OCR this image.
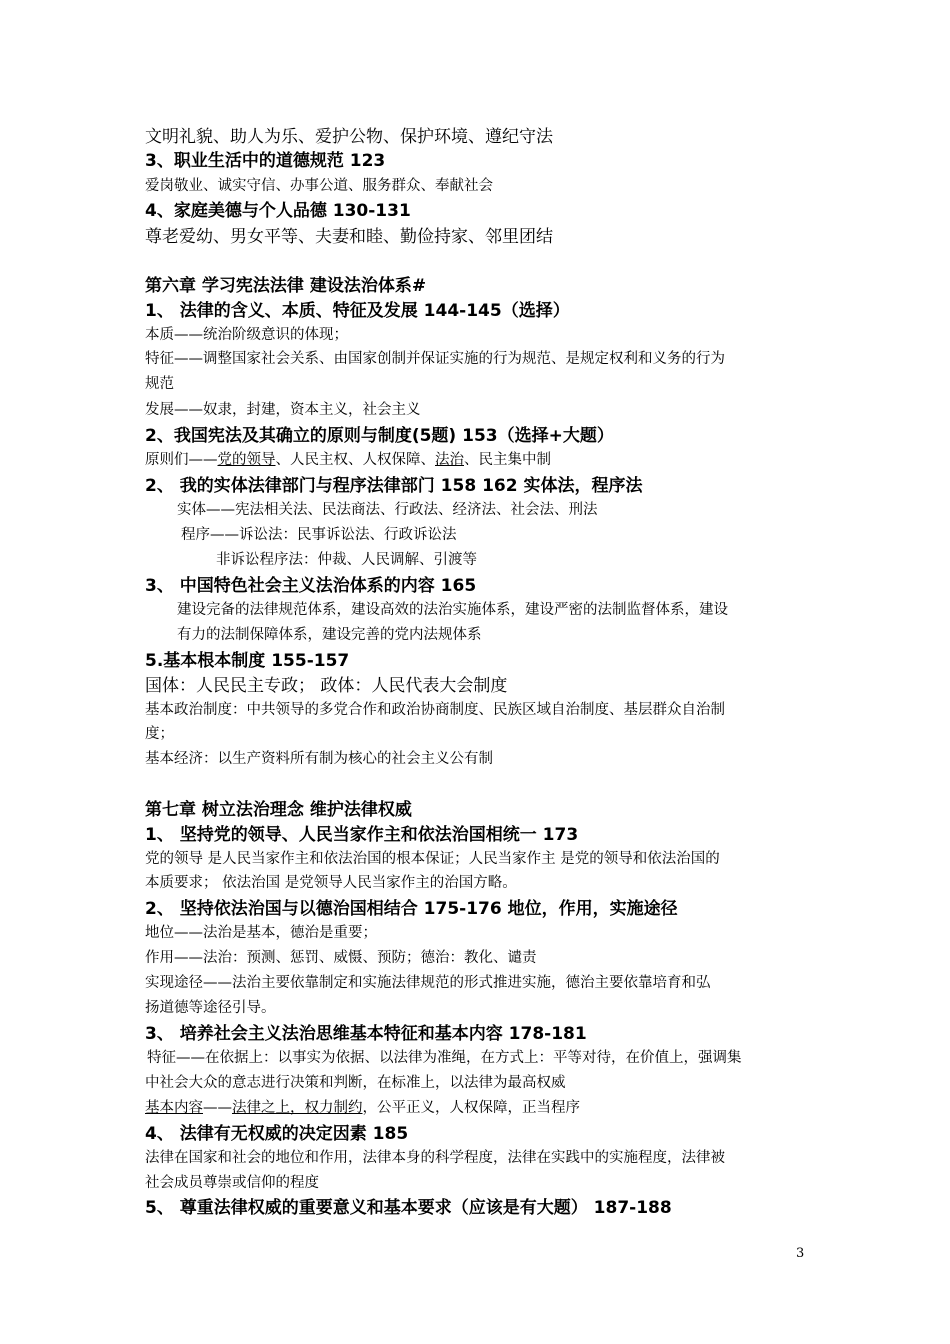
文明礼貌、助人为乐、爱护公物、保护环境、遵纪守法
3、职业生活中的道德规范 123
爱岗敬业、诚实守信、办事公道、服务群众、奉献社会
4、家庭美德与个人品德 130-131
尊老爱幼、男女平等、夫妻和睦、勤俭持家、邻里团结
第六章 学习宪法法律 建设法治体系#
1、 法律的含义、本质、特征及发展 144-145（选择）
本质——统治阶级意识的体现；
特征——调整国家社会关系、由国家创制并保证实施的行为规范、是规定权利和义务的行为
规范
发展——奴隶，封建，资本主义，社会主义
2、我国宪法及其确立的原则与制度(5题) 153（选择+大题）
原则们——党的领导、人民主权、人权保障、法治、民主集中制
2、 我的实体法律部门与程序法律部门 158 162 实体法，程序法
实体——宪法相关法、民法商法、行政法、经济法、社会法、刑法
程序——诉讼法：民事诉讼法、行政诉讼法
非诉讼程序法：仲裁、人民调解、引渡等
3、 中国特色社会主义法治体系的内容 165
建设完备的法律规范体系，建设高效的法治实施体系，建设严密的法制监督体系，建设
有力的法制保障体系，建设完善的党内法规体系
5.基本根本制度 155-157
国体：人民民主专政； 政体：人民代表大会制度
基本政治制度：中共领导的多党合作和政治协商制度、民族区域自治制度、基层群众自治制
度；
基本经济：以生产资料所有制为核心的社会主义公有制
第七章 树立法治理念 维护法律权威
1、 坚持党的领导、人民当家作主和依法治国相统一 173
党的领导 是人民当家作主和依法治国的根本保证；人民当家作主 是党的领导和依法治国的
本质要求； 依法治国 是党领导人民当家作主的治国方略。
2、 坚持依法治国与以德治国相结合 175-176 地位，作用，实施途径
地位——法治是基本，德治是重要；
作用——法治：预测、惩罚、威慑、预防；德治：教化、谴责
实现途径——法治主要依靠制定和实施法律规范的形式推进实施，德治主要依靠培育和弘
扬道德等途径引导。
3、 培养社会主义法治思维基本特征和基本内容 178-181
特征——在依据上：以事实为依据、以法律为准绳，在方式上：平等对待，在价值上，强调集
中社会大众的意志进行决策和判断，在标准上，以法律为最高权威
基本内容——法律之上，权力制约，公平正义，人权保障，正当程序
4、 法律有无权威的决定因素 185
法律在国家和社会的地位和作用，法律本身的科学程度，法律在实践中的实施程度，法律被
社会成员尊崇或信仰的程度
5、 尊重法律权威的重要意义和基本要求（应该是有大题） 187-188
3
